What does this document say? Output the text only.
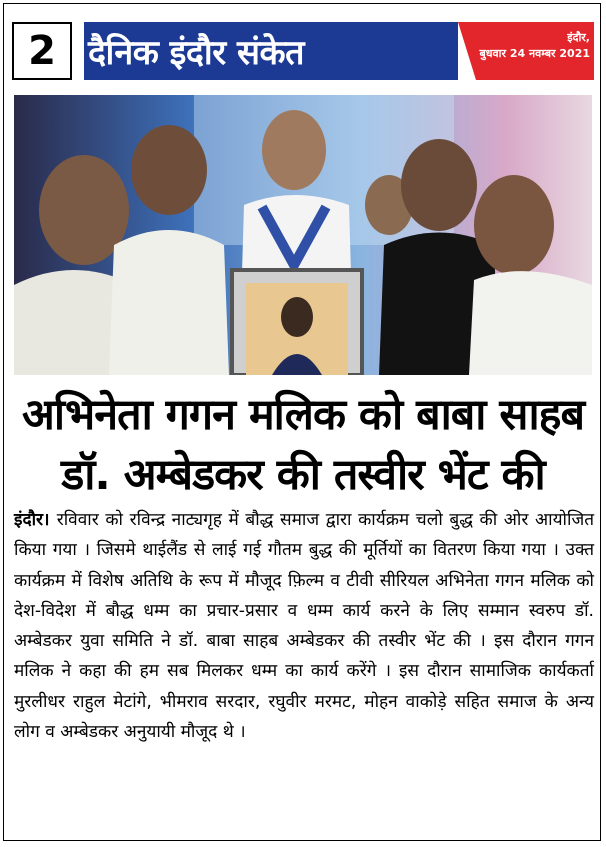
2 दैनिक इंदौर संकेत	इंदौर,
बुधवार 24 नवम्बर 2021
अभिनेता गगन मलिक को बाबा साहब
डॉ. अम्बेडकर की तस्वीर भेंट की
इंदौर। रविवार को रविन्द्र नाट्यगृह में बौद्ध समाज द्वारा कार्यक्रम चलो बुद्ध की ओर आयोजित किया गया । जिसमे थाईलैंड से लाई गई गौतम बुद्ध की मूर्तियों का वितरण किया गया । उक्त कार्यक्रम में विशेष अतिथि के रूप में मौजूद फ़िल्म व टीवी सीरियल अभिनेता गगन मलिक को देश-विदेश में बौद्ध धम्म का प्रचार-प्रसार व धम्म कार्य करने के लिए सम्मान स्वरुप डॉ. अम्बेडकर युवा समिति ने डॉ. बाबा साहब अम्बेडकर की तस्वीर भेंट की । इस दौरान गगन मलिक ने कहा की हम सब मिलकर धम्म का कार्य करेंगे । इस दौरान सामाजिक कार्यकर्ता मुरलीधर राहुल मेटांगे, भीमराव सरदार, रघुवीर मरमट, मोहन वाकोड़े सहित समाज के अन्य लोग व अम्बेडकर अनुयायी मौजूद थे ।
